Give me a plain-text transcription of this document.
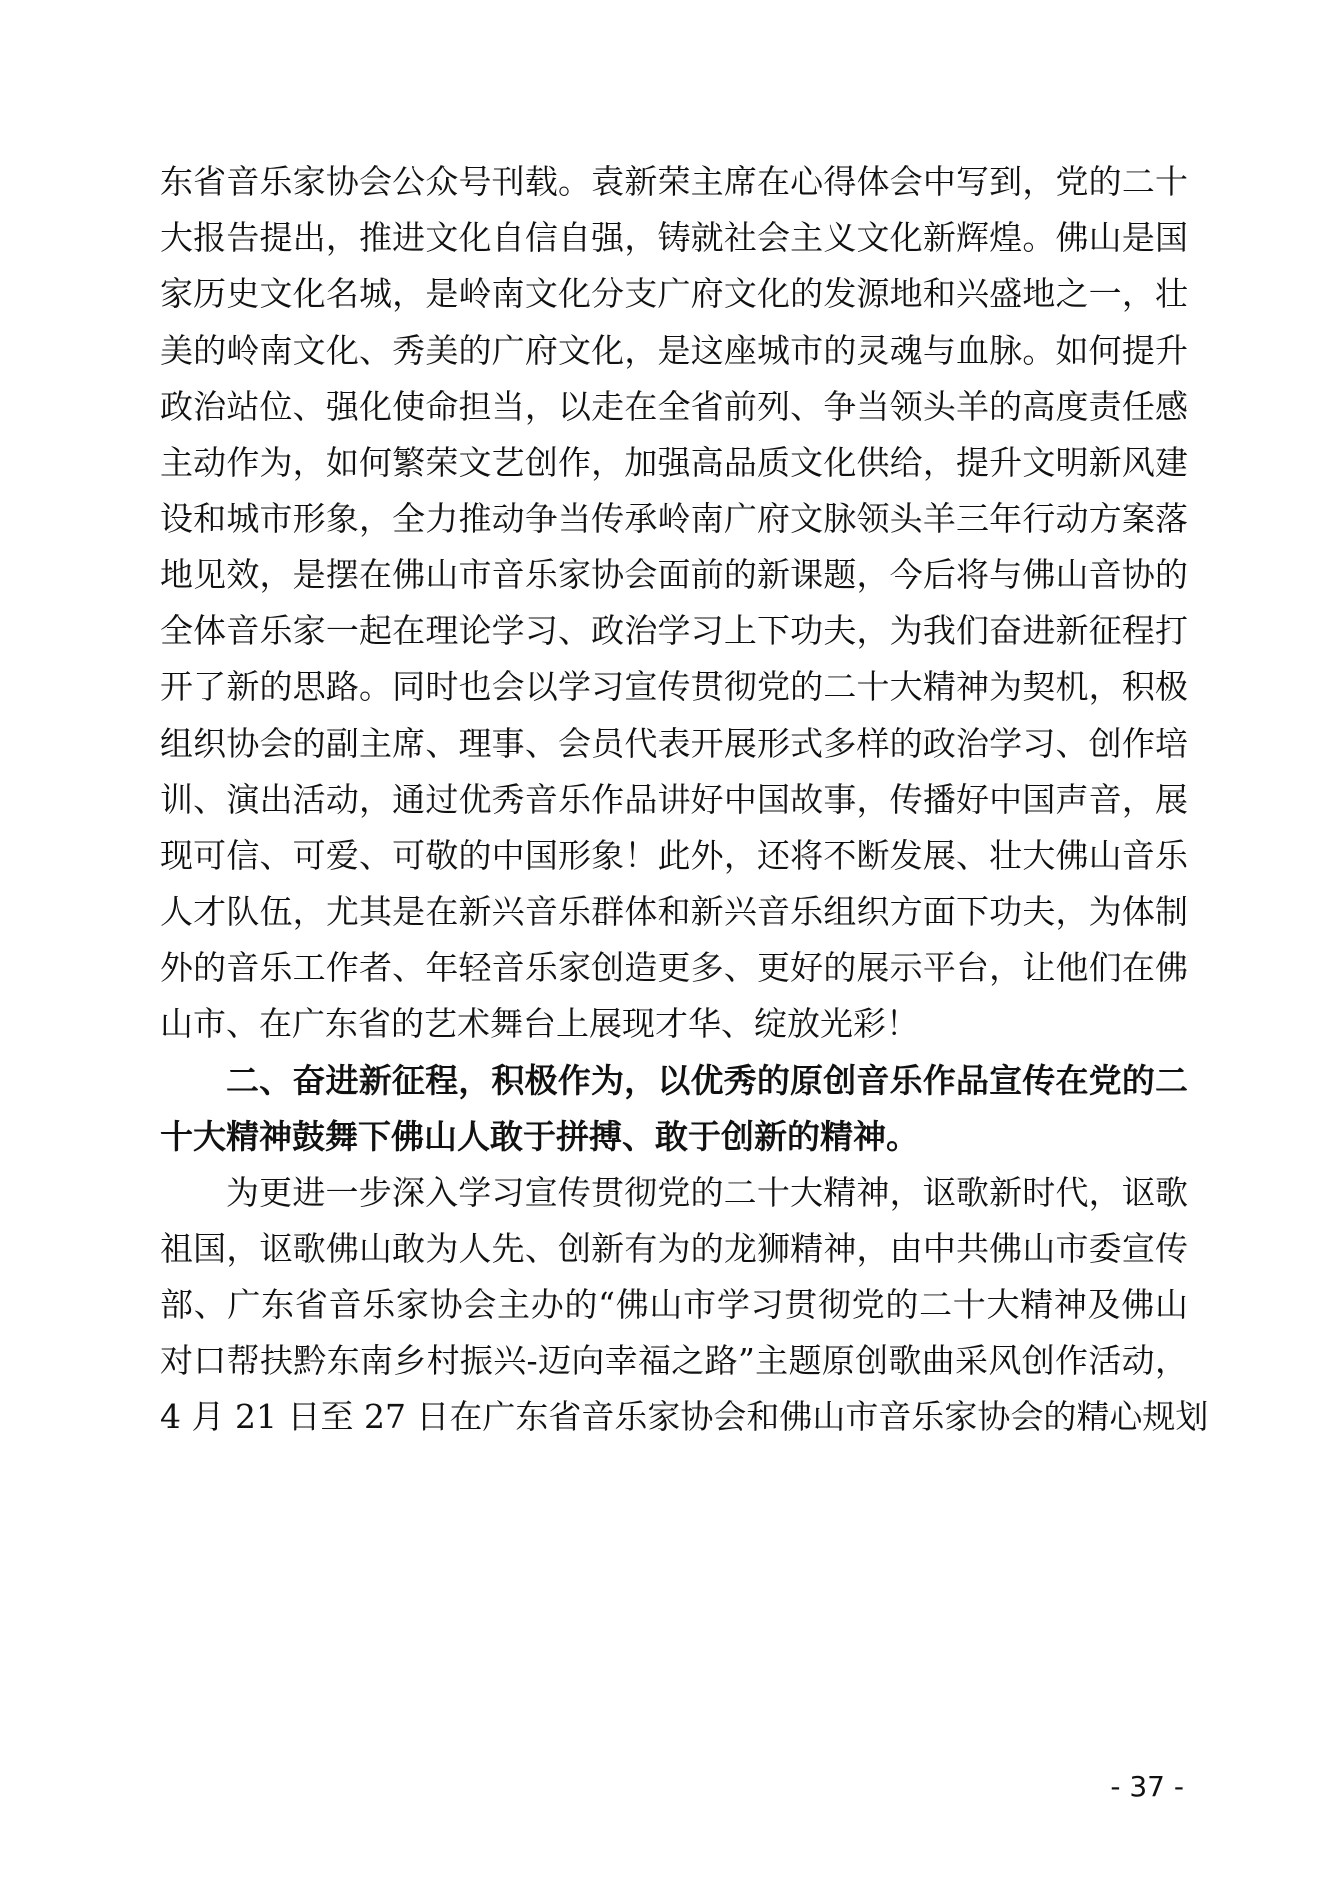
东省音乐家协会公众号刊载。袁新荣主席在心得体会中写到，党的二十
大报告提出，推进文化自信自强，铸就社会主义文化新辉煌。佛山是国
家历史文化名城，是岭南文化分支广府文化的发源地和兴盛地之一，壮
美的岭南文化、秀美的广府文化，是这座城市的灵魂与血脉。如何提升
政治站位、强化使命担当，以走在全省前列、争当领头羊的高度责任感
主动作为，如何繁荣文艺创作，加强高品质文化供给，提升文明新风建
设和城市形象，全力推动争当传承岭南广府文脉领头羊三年行动方案落
地见效，是摆在佛山市音乐家协会面前的新课题，今后将与佛山音协的
全体音乐家一起在理论学习、政治学习上下功夫，为我们奋进新征程打
开了新的思路。同时也会以学习宣传贯彻党的二十大精神为契机，积极
组织协会的副主席、理事、会员代表开展形式多样的政治学习、创作培
训、演出活动，通过优秀音乐作品讲好中国故事，传播好中国声音，展
现可信、可爱、可敬的中国形象！此外，还将不断发展、壮大佛山音乐
人才队伍，尤其是在新兴音乐群体和新兴音乐组织方面下功夫，为体制
外的音乐工作者、年轻音乐家创造更多、更好的展示平台，让他们在佛
山市、在广东省的艺术舞台上展现才华、绽放光彩！
二、奋进新征程，积极作为，以优秀的原创音乐作品宣传在党的二
十大精神鼓舞下佛山人敢于拼搏、敢于创新的精神。
为更进一步深入学习宣传贯彻党的二十大精神，讴歌新时代，讴歌
祖国，讴歌佛山敢为人先、创新有为的龙狮精神，由中共佛山市委宣传
部、广东省音乐家协会主办的“佛山市学习贯彻党的二十大精神及佛山
对口帮扶黔东南乡村振兴-迈向幸福之路”主题原创歌曲采风创作活动，
4 月 21 日至 27 日在广东省音乐家协会和佛山市音乐家协会的精心规划
- 37 -
